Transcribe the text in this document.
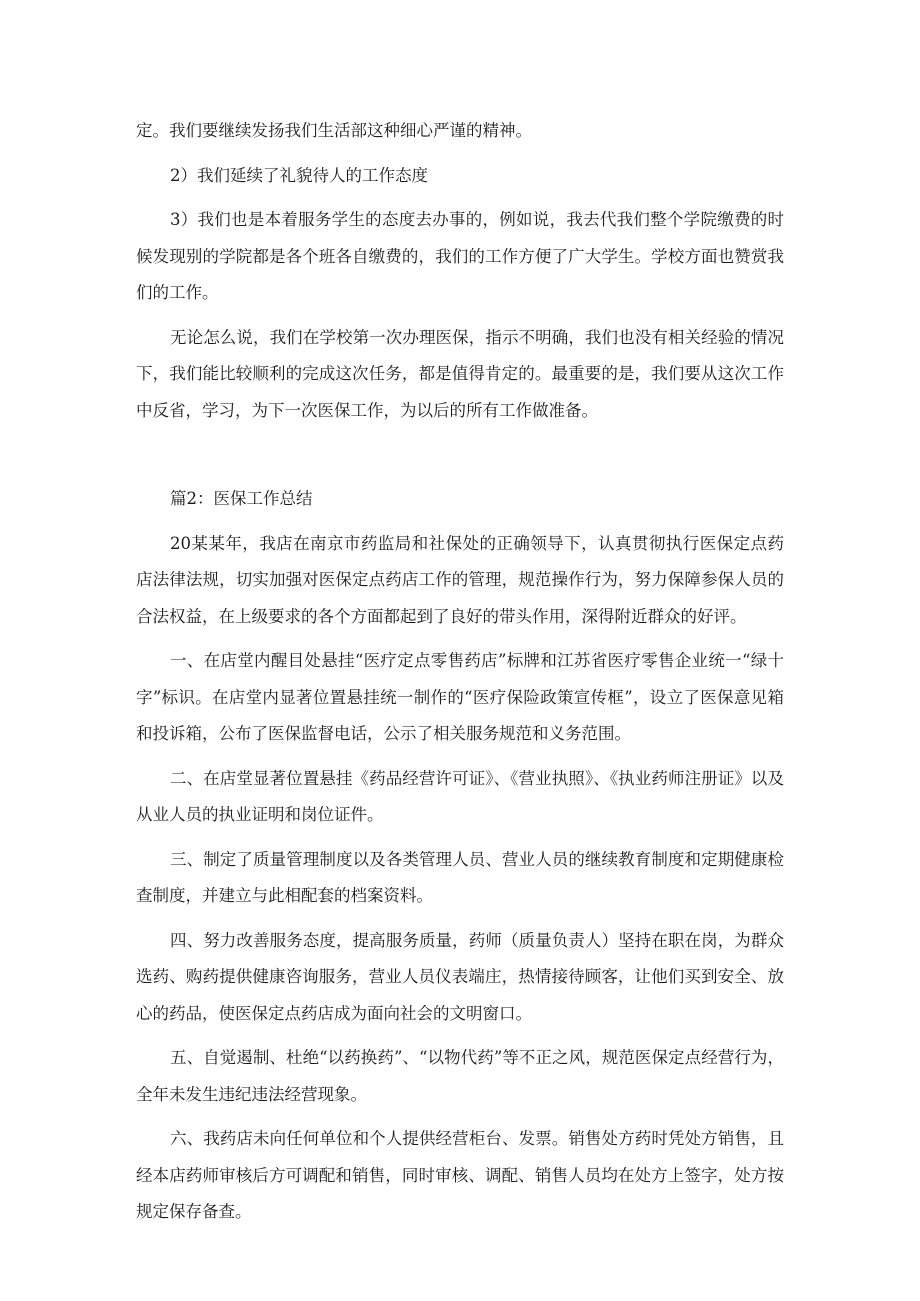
定。我们要继续发扬我们生活部这种细心严谨的精神。

2）我们延续了礼貌待人的工作态度

3）我们也是本着服务学生的态度去办事的，例如说，我去代我们整个学院缴费的时候发现别的学院都是各个班各自缴费的，我们的工作方便了广大学生。学校方面也赞赏我们的工作。

无论怎么说，我们在学校第一次办理医保，指示不明确，我们也没有相关经验的情况下，我们能比较顺利的完成这次任务，都是值得肯定的。最重要的是，我们要从这次工作中反省，学习，为下一次医保工作，为以后的所有工作做准备。

篇2：医保工作总结

20某某年，我店在南京市药监局和社保处的正确领导下，认真贯彻执行医保定点药店法律法规，切实加强对医保定点药店工作的管理，规范操作行为，努力保障参保人员的合法权益，在上级要求的各个方面都起到了良好的带头作用，深得附近群众的好评。

一、在店堂内醒目处悬挂“医疗定点零售药店”标牌和江苏省医疗零售企业统一“绿十字”标识。在店堂内显著位置悬挂统一制作的“医疗保险政策宣传框”，设立了医保意见箱和投诉箱，公布了医保监督电话，公示了相关服务规范和义务范围。

二、在店堂显著位置悬挂《药品经营许可证》、《营业执照》、《执业药师注册证》以及从业人员的执业证明和岗位证件。

三、制定了质量管理制度以及各类管理人员、营业人员的继续教育制度和定期健康检查制度，并建立与此相配套的档案资料。

四、努力改善服务态度，提高服务质量，药师（质量负责人）坚持在职在岗，为群众选药、购药提供健康咨询服务，营业人员仪表端庄，热情接待顾客，让他们买到安全、放心的药品，使医保定点药店成为面向社会的文明窗口。

五、自觉遏制、杜绝“以药换药”、“以物代药”等不正之风，规范医保定点经营行为，全年未发生违纪违法经营现象。

六、我药店未向任何单位和个人提供经营柜台、发票。销售处方药时凭处方销售，且经本店药师审核后方可调配和销售，同时审核、调配、销售人员均在处方上签字，处方按规定保存备查。
